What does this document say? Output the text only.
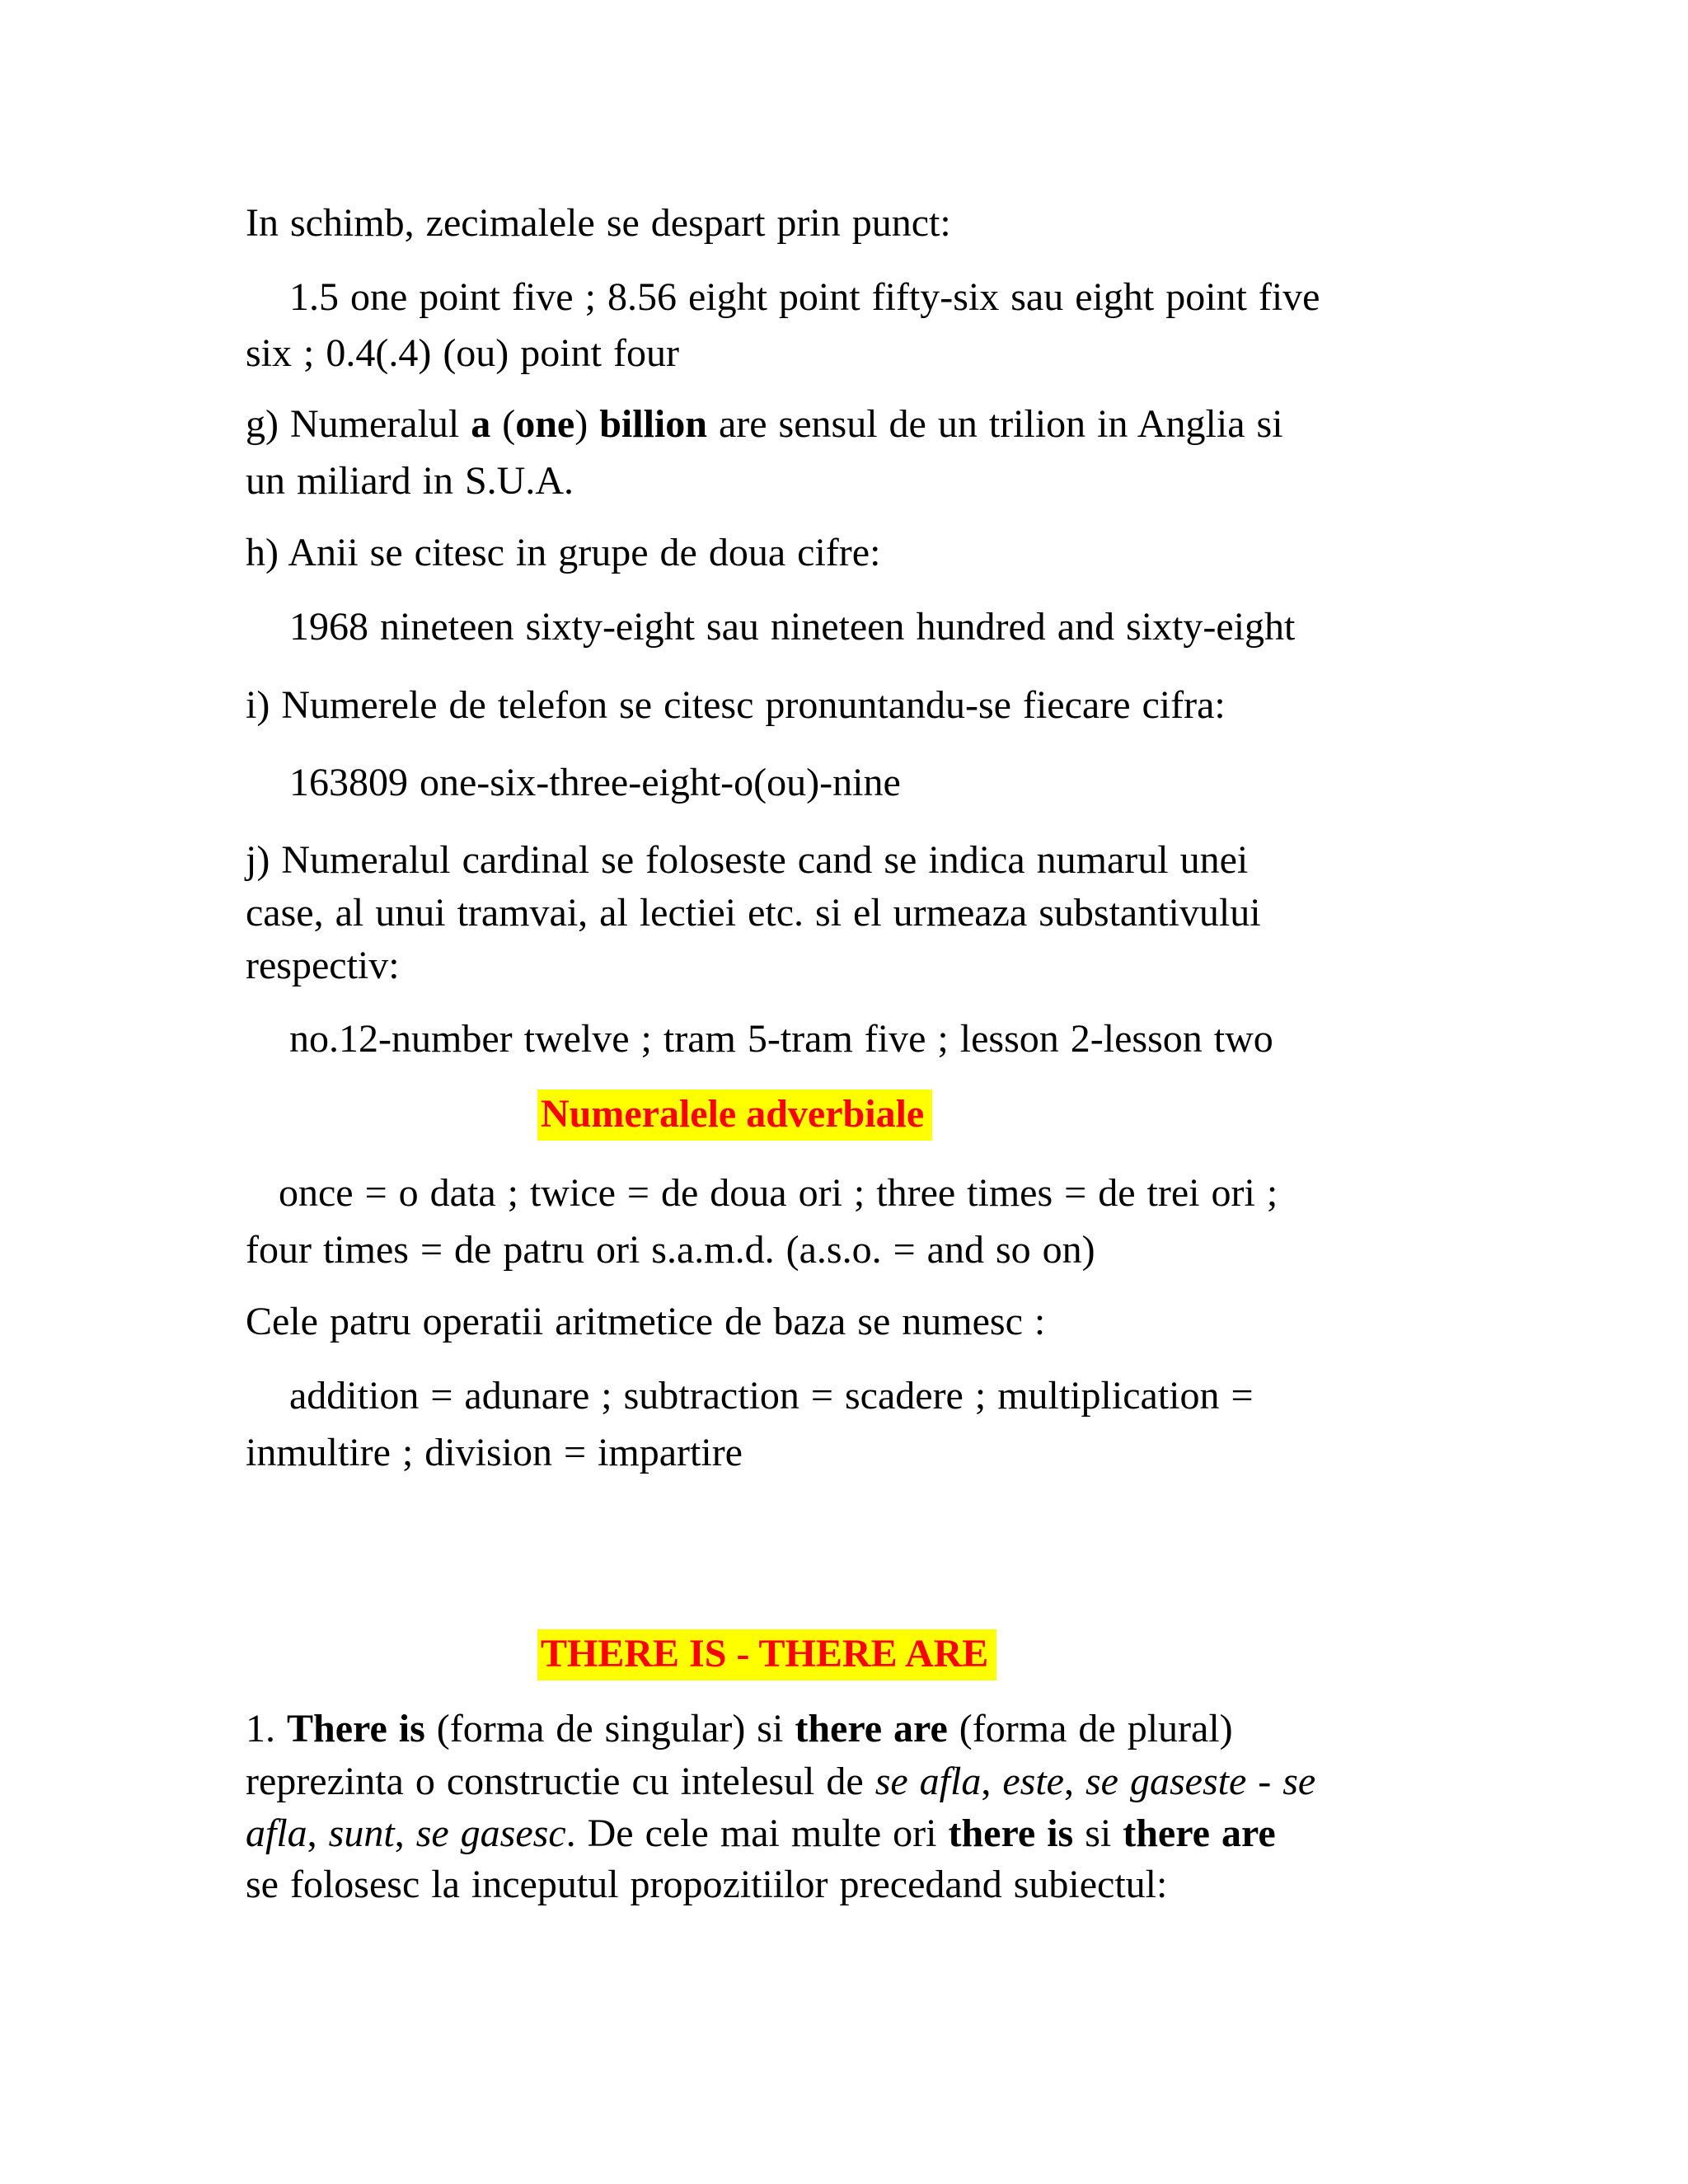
In schimb, zecimalele se despart prin punct:
1.5 one point five ; 8.56 eight point fifty-six sau eight point five
six ; 0.4(.4) (ou) point four
g) Numeralul a (one) billion are sensul de un trilion in Anglia si
un miliard in S.U.A.
h) Anii se citesc in grupe de doua cifre:
1968 nineteen sixty-eight sau nineteen hundred and sixty-eight
i) Numerele de telefon se citesc pronuntandu-se fiecare cifra:
163809 one-six-three-eight-o(ou)-nine
j) Numeralul cardinal se foloseste cand se indica numarul unei
case, al unui tramvai, al lectiei etc. si el urmeaza substantivului
respectiv:
no.12-number twelve ; tram 5-tram five ; lesson 2-lesson two
Numeralele adverbiale
once = o data ; twice = de doua ori ; three times = de trei ori ;
four times = de patru ori s.a.m.d. (a.s.o. = and so on)
Cele patru operatii aritmetice de baza se numesc :
addition = adunare ; subtraction = scadere ; multiplication =
inmultire ; division = impartire
THERE IS - THERE ARE
1. There is (forma de singular) si there are (forma de plural)
reprezinta o constructie cu intelesul de se afla, este, se gaseste - se
afla, sunt, se gasesc. De cele mai multe ori there is si there are
se folosesc la inceputul propozitiilor precedand subiectul:
